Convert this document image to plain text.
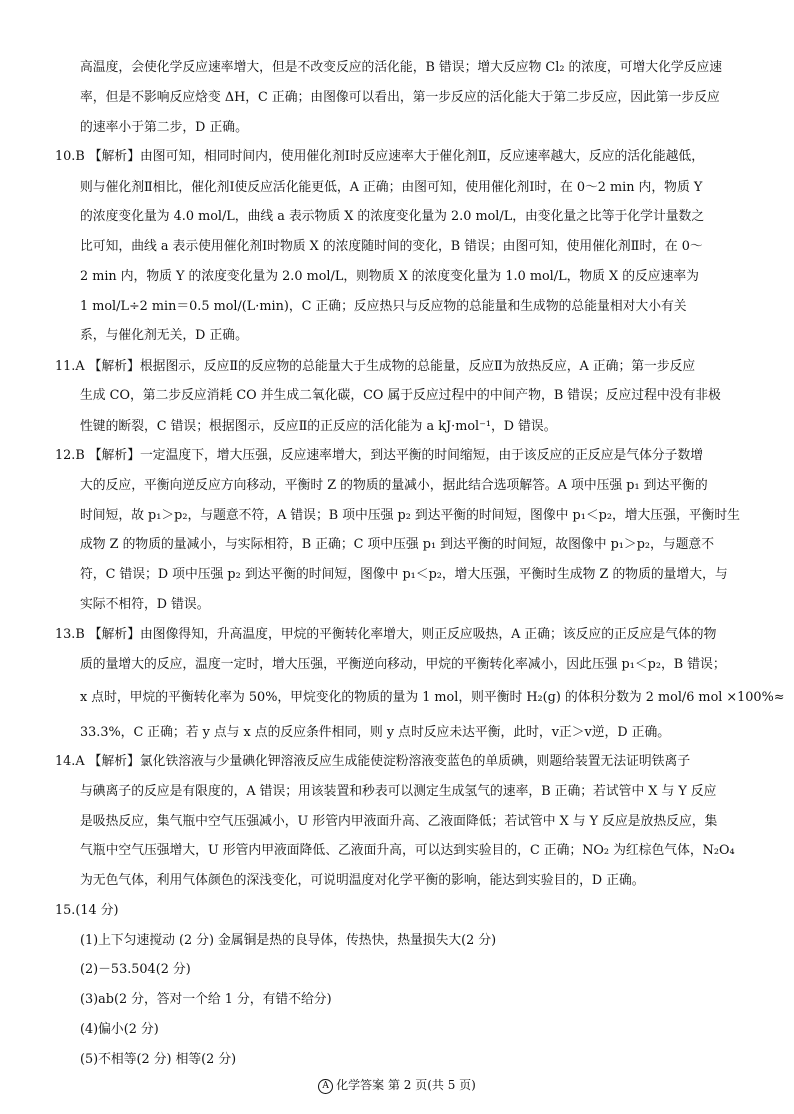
高温度，会使化学反应速率增大，但是不改变反应的活化能，B 错误；增大反应物 Cl₂ 的浓度，可增大化学反应速
率，但是不影响反应焓变 ΔH，C 正确；由图像可以看出，第一步反应的活化能大于第二步反应，因此第一步反应
的速率小于第二步，D 正确。
10.B 【解析】由图可知，相同时间内，使用催化剂Ⅰ时反应速率大于催化剂Ⅱ，反应速率越大，反应的活化能越低，
则与催化剂Ⅱ相比，催化剂Ⅰ使反应活化能更低，A 正确；由图可知，使用催化剂Ⅰ时，在 0～2 min 内，物质 Y
的浓度变化量为 4.0 mol/L，曲线 a 表示物质 X 的浓度变化量为 2.0 mol/L，由变化量之比等于化学计量数之
比可知，曲线 a 表示使用催化剂Ⅰ时物质 X 的浓度随时间的变化，B 错误；由图可知，使用催化剂Ⅱ时，在 0～
2 min 内，物质 Y 的浓度变化量为 2.0 mol/L，则物质 X 的浓度变化量为 1.0 mol/L，物质 X 的反应速率为
1 mol/L÷2 min＝0.5 mol/(L·min)，C 正确；反应热只与反应物的总能量和生成物的总能量相对大小有关
系，与催化剂无关，D 正确。
11.A 【解析】根据图示，反应Ⅱ的反应物的总能量大于生成物的总能量，反应Ⅱ为放热反应，A 正确；第一步反应
生成 CO，第二步反应消耗 CO 并生成二氧化碳，CO 属于反应过程中的中间产物，B 错误；反应过程中没有非极
性键的断裂，C 错误；根据图示，反应Ⅱ的正反应的活化能为 a kJ·mol⁻¹，D 错误。
12.B 【解析】一定温度下，增大压强，反应速率增大，到达平衡的时间缩短，由于该反应的正反应是气体分子数增
大的反应，平衡向逆反应方向移动，平衡时 Z 的物质的量减小，据此结合选项解答。A 项中压强 p₁ 到达平衡的
时间短，故 p₁＞p₂，与题意不符，A 错误；B 项中压强 p₂ 到达平衡的时间短，图像中 p₁＜p₂，增大压强，平衡时生
成物 Z 的物质的量减小，与实际相符，B 正确；C 项中压强 p₁ 到达平衡的时间短，故图像中 p₁＞p₂，与题意不
符，C 错误；D 项中压强 p₂ 到达平衡的时间短，图像中 p₁＜p₂，增大压强，平衡时生成物 Z 的物质的量增大，与
实际不相符，D 错误。
13.B 【解析】由图像得知，升高温度，甲烷的平衡转化率增大，则正反应吸热，A 正确；该反应的正反应是气体的物
质的量增大的反应，温度一定时，增大压强，平衡逆向移动，甲烷的平衡转化率减小，因此压强 p₁＜p₂，B 错误；
x 点时，甲烷的平衡转化率为 50%，甲烷变化的物质的量为 1 mol，则平衡时 H₂(g) 的体积分数为 2 mol/6 mol ×100%≈
33.3%，C 正确；若 y 点与 x 点的反应条件相同，则 y 点时反应未达平衡，此时，v正＞v逆，D 正确。
14.A 【解析】氯化铁溶液与少量碘化钾溶液反应生成能使淀粉溶液变蓝色的单质碘，则题给装置无法证明铁离子
与碘离子的反应是有限度的，A 错误；用该装置和秒表可以测定生成氢气的速率，B 正确；若试管中 X 与 Y 反应
是吸热反应，集气瓶中空气压强减小，U 形管内甲液面升高、乙液面降低；若试管中 X 与 Y 反应是放热反应，集
气瓶中空气压强增大，U 形管内甲液面降低、乙液面升高，可以达到实验目的，C 正确；NO₂ 为红棕色气体，N₂O₄
为无色气体，利用气体颜色的深浅变化，可说明温度对化学平衡的影响，能达到实验目的，D 正确。
15.(14 分)
(1)上下匀速搅动 (2 分) 金属铜是热的良导体，传热快，热量损失大(2 分)
(2)－53.504(2 分)
(3)ab(2 分，答对一个给 1 分，有错不给分)
(4)偏小(2 分)
(5)不相等(2 分) 相等(2 分)
A 化学答案 第 2 页(共 5 页)
